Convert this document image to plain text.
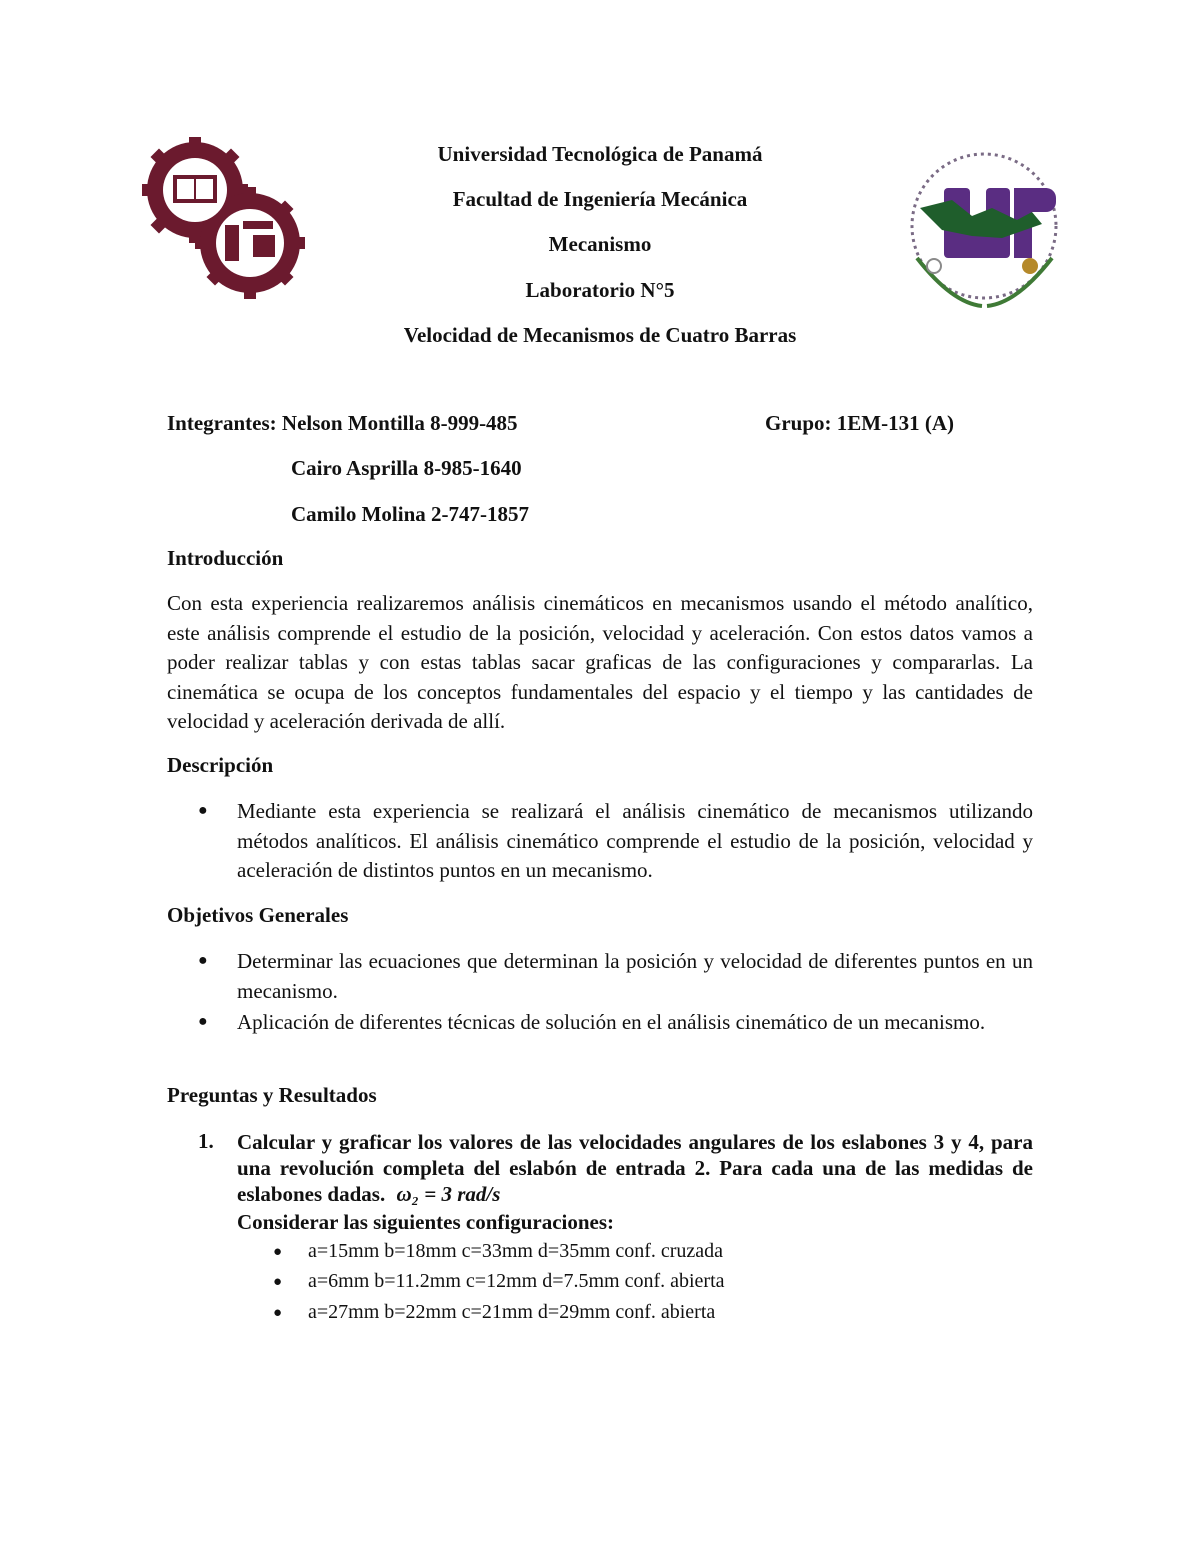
Universidad Tecnológica de Panamá
Facultad de Ingeniería Mecánica
Mecanismo
Laboratorio N°5
Velocidad de Mecanismos de Cuatro Barras
Integrantes: Nelson Montilla 8-999-485	Grupo: 1EM-131 (A)
Cairo Asprilla 8-985-1640
Camilo Molina 2-747-1857
Introducción
Con esta experiencia realizaremos análisis cinemáticos en mecanismos usando el método analítico, este análisis comprende el estudio de la posición, velocidad y aceleración. Con estos datos vamos a poder realizar tablas y con estas tablas sacar graficas de las configuraciones y compararlas. La cinemática se ocupa de los conceptos fundamentales del espacio y el tiempo y las cantidades de velocidad y aceleración derivada de allí.
Descripción
● Mediante esta experiencia se realizará el análisis cinemático de mecanismos utilizando métodos analíticos. El análisis cinemático comprende el estudio de la posición, velocidad y aceleración de distintos puntos en un mecanismo.
Objetivos Generales
● Determinar las ecuaciones que determinan la posición y velocidad de diferentes puntos en un mecanismo.
● Aplicación de diferentes técnicas de solución en el análisis cinemático de un mecanismo.
Preguntas y Resultados
1. Calcular y graficar los valores de las velocidades angulares de los eslabones 3 y 4, para una revolución completa del eslabón de entrada 2. Para cada una de las medidas de eslabones dadas. ω₂ = 3 rad/s
Considerar las siguientes configuraciones:
● a=15mm b=18mm c=33mm d=35mm conf. cruzada
● a=6mm b=11.2mm c=12mm d=7.5mm conf. abierta
● a=27mm b=22mm c=21mm d=29mm conf. abierta
